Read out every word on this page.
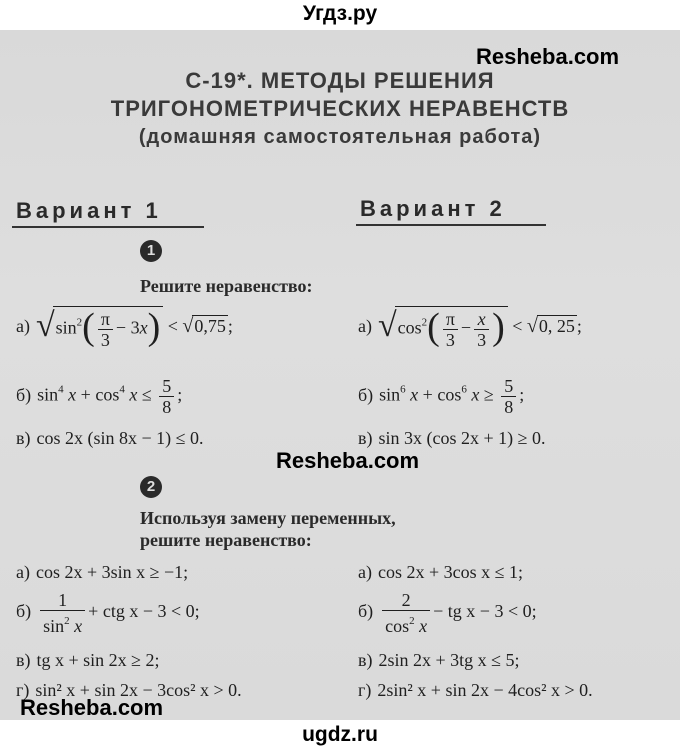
Угдз.ру
Resheba.com
С-19*. МЕТОДЫ РЕШЕНИЯ
ТРИГОНОМЕТРИЧЕСКИХ НЕРАВЕНСТВ
(домашняя самостоятельная работа)
Вариант 1	Вариант 2
1
Решите неравенство:
а) $√\sin^2( \frac{\pi}{3} - 3x) < √0,75$ ;	а) $√\cos^2( \frac{\pi}{3} - \frac{x}{3}$ ) < √0, 25 ;
б) $\sin^4 x + \cos^4 x \le \frac{5}{8}$ ;	б) $\sin^6 x + \cos^6 x \ge \frac{5}{8}$ ;
в) cos 2x (sin 8x − 1) ≤ 0.	в) sin 3x (cos 2x + 1) ≥ 0.
Resheba.com
2
Используя замену переменных,
решите неравенство:
а) cos 2x + 3sin x ≥ −1;	а) cos 2x + 3cos x ≤ 1;
$б) \frac{1}{\sin^2 x}$ + ctg x − 3 < 0;	$б) \frac{2}{\cos^2 x}$ − tg x − 3 < 0;
в) tg x + sin 2x ≥ 2;	в) 2sin 2x + 3tg x ≤ 5;
г) sin² x + sin 2x − 3cos² x > 0.	г) 2sin² x + sin 2x − 4cos² x > 0.
Resheba.com
ugdz.ru
